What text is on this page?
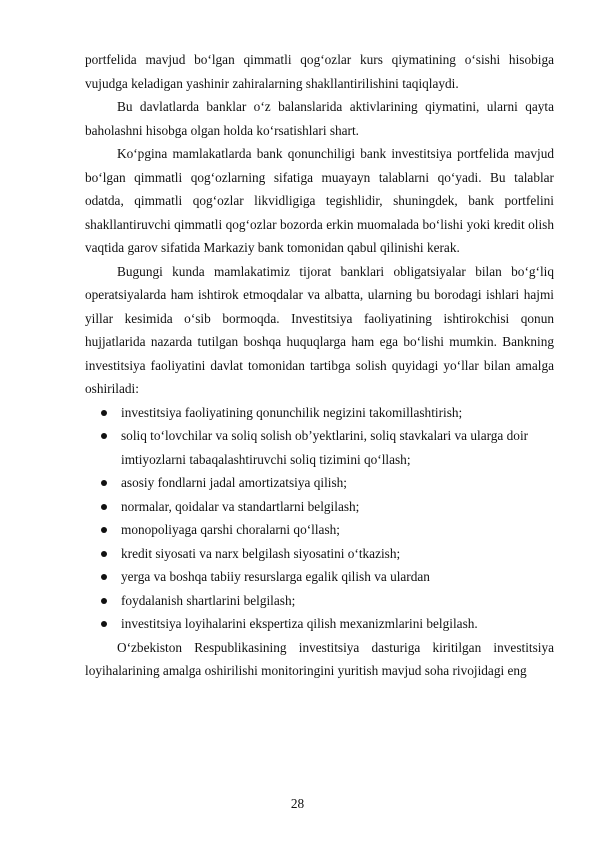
portfelida mavjud bo‘lgan qimmatli qog‘ozlar kurs qiymatining o‘sishi hisobiga vujudga keladigan yashinir zahiralarning shakllantirilishini taqiqlaydi.

Bu davlatlarda banklar o‘z balanslarida aktivlarining qiymatini, ularni qayta baholashni hisobga olgan holda ko‘rsatishlari shart.

Ko‘pgina mamlakatlarda bank qonunchiligi bank investitsiya portfelida mavjud bo‘lgan qimmatli qog‘ozlarning sifatiga muayayn talablarni qo‘yadi. Bu talablar odatda, qimmatli qog‘ozlar likvidligiga tegishlidir, shuningdek, bank portfelini shakllantiruvchi qimmatli qog‘ozlar bozorda erkin muomalada bo‘lishi yoki kredit olish vaqtida garov sifatida Markaziy bank tomonidan qabul qilinishi kerak.

Bugungi kunda mamlakatimiz tijorat banklari obligatsiyalar bilan bo‘g‘liq operatsiyalarda ham ishtirok etmoqdalar va albatta, ularning bu borodagi ishlari hajmi yillar kesimida o‘sib bormoqda. Investitsiya faoliyatining ishtirokchisi qonun hujjatlarida nazarda tutilgan boshqa huquqlarga ham ega bo‘lishi mumkin. Bankning investitsiya faoliyatini davlat tomonidan tartibga solish quyidagi yo‘llar bilan amalga oshiriladi:

investitsiya faoliyatining qonunchilik negizini takomillashtirish;
soliq to‘lovchilar va soliq solish ob’yektlarini, soliq stavkalari va ularga doir imtiyozlarni tabaqalashtiruvchi soliq tizimini qo‘llash;
asosiy fondlarni jadal amortizatsiya qilish;
normalar, qoidalar va standartlarni belgilash;
monopoliyaga qarshi choralarni qo‘llash;
kredit siyosati va narx belgilash siyosatini o‘tkazish;
yerga va boshqa tabiiy resurslarga egalik qilish va ulardan
foydalanish shartlarini belgilash;
investitsiya loyihalarini ekspertiza qilish mexanizmlarini belgilash.

O‘zbekiston Respublikasining investitsiya dasturiga kiritilgan investitsiya loyihalarining amalga oshirilishi monitoringini yuritish mavjud soha rivojidagi eng

28
